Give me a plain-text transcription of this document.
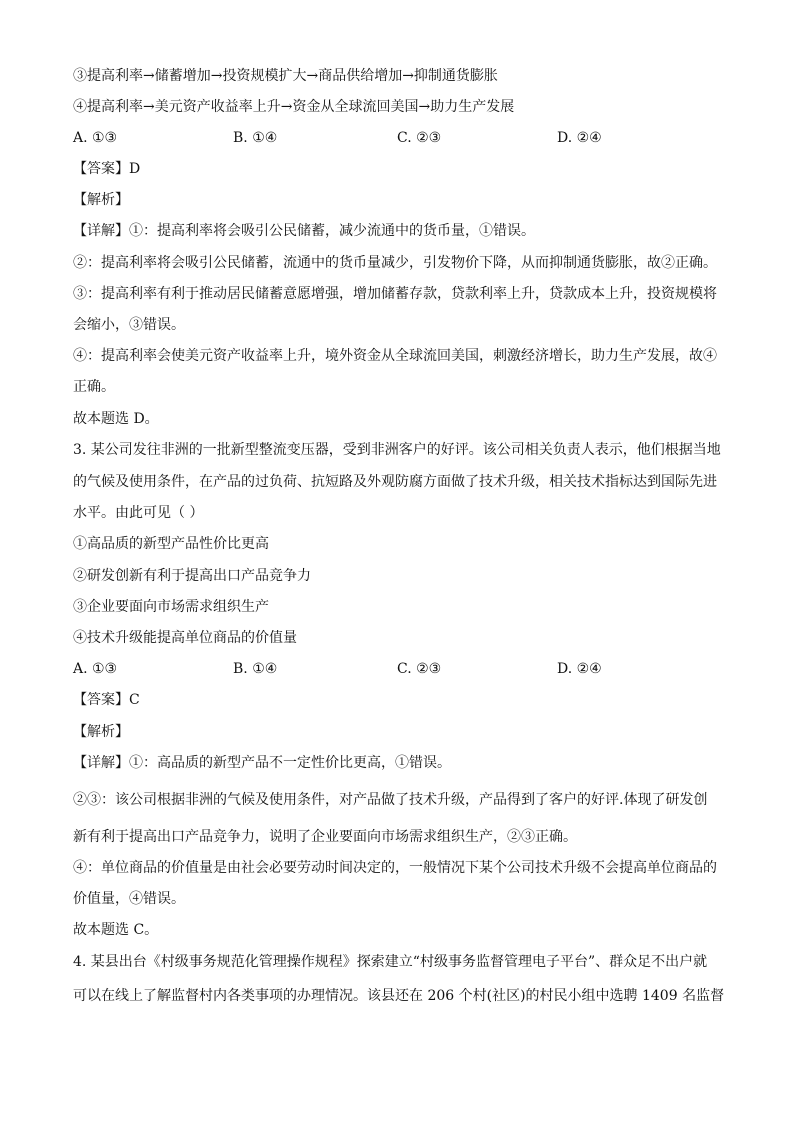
③提高利率→储蓄增加→投资规模扩大→商品供给增加→抑制通货膨胀
④提高利率→美元资产收益率上升→资金从全球流回美国→助力生产发展
A. ①③	B. ①④	C. ②③	D. ②④
【答案】D
【解析】
【详解】①：提高利率将会吸引公民储蓄，减少流通中的货币量，①错误。
②：提高利率将会吸引公民储蓄，流通中的货币量减少，引发物价下降，从而抑制通货膨胀，故②正确。
③：提高利率有利于推动居民储蓄意愿增强，增加储蓄存款，贷款利率上升，贷款成本上升，投资规模将
会缩小，③错误。
④：提高利率会使美元资产收益率上升，境外资金从全球流回美国，刺激经济增长，助力生产发展，故④
正确。
故本题选 D。
3. 某公司发往非洲的一批新型整流变压器，受到非洲客户的好评。该公司相关负责人表示，他们根据当地
的气候及使用条件，在产品的过负荷、抗短路及外观防腐方面做了技术升级，相关技术指标达到国际先进
水平。由此可见（ ）
①高品质的新型产品性价比更高
②研发创新有利于提高出口产品竞争力
③企业要面向市场需求组织生产
④技术升级能提高单位商品的价值量
A. ①③	B. ①④	C. ②③	D. ②④
【答案】C
【解析】
【详解】①：高品质的新型产品不一定性价比更高，①错误。
②③：该公司根据非洲的气候及使用条件，对产品做了技术升级，产品得到了客户的好评.体现了研发创
新有利于提高出口产品竞争力，说明了企业要面向市场需求组织生产，②③正确。
④：单位商品的价值量是由社会必要劳动时间决定的，一般情况下某个公司技术升级不会提高单位商品的
价值量，④错误。
故本题选 C。
4. 某县出台《村级事务规范化管理操作规程》探索建立“村级事务监督管理电子平台”、群众足不出户就
可以在线上了解监督村内各类事项的办理情况。该县还在 206 个村(社区)的村民小组中选聘 1409 名监督
